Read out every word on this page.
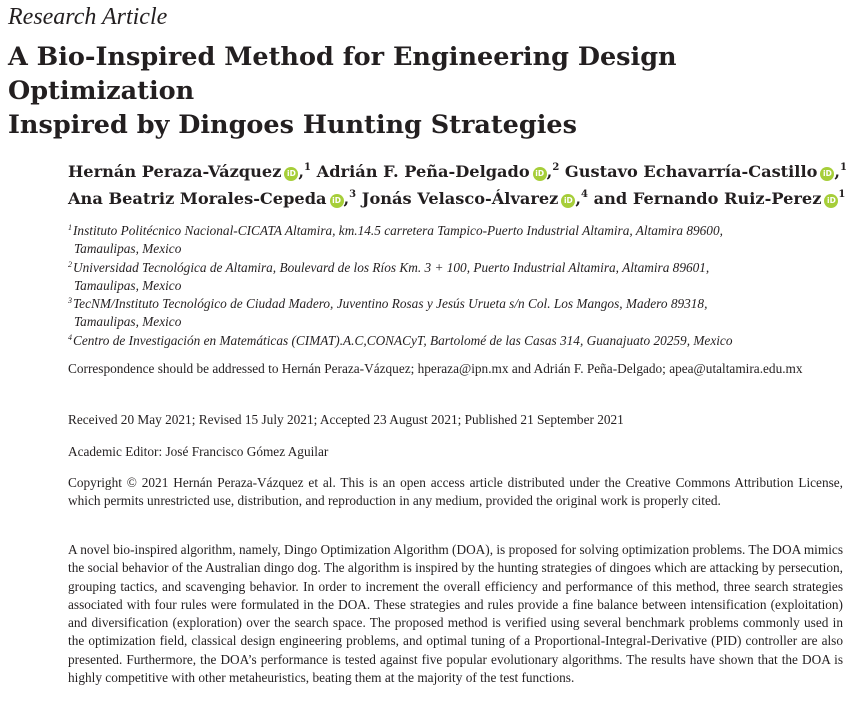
Research Article

A Bio-Inspired Method for Engineering Design Optimization
Inspired by Dingoes Hunting Strategies

Hernán Peraza-Vázquez iD ,$^1$ Adrián F. Peña-Delgado iD ,$^2$ Gustavo Echavarría-Castillo iD ,$^1$
Ana Beatriz Morales-Cepeda iD ,$^3$ Jonás Velasco-Álvarez iD ,$^4$ and Fernando Ruiz-Perez $iD^1$

$^1$Instituto Politécnico Nacional-CICATA Altamira, km.14.5 carretera Tampico-Puerto Industrial Altamira, Altamira 89600,
Tamaulipas, Mexico

$^2$Universidad Tecnológica de Altamira, Boulevard de los Ríos Km. 3 + 100, Puerto Industrial Altamira, Altamira 89601,
Tamaulipas, Mexico

$^3$TecNM/Instituto Tecnológico de Ciudad Madero, Juventino Rosas y Jesús Urueta s/n Col. Los Mangos, Madero 89318,
Tamaulipas, Mexico

$^4$Centro de Investigación en Matemáticas (CIMAT).A.C,CONACyT, Bartolomé de las Casas 314, Guanajuato 20259, Mexico

Correspondence should be addressed to Hernán Peraza-Vázquez; hperaza@ipn.mx and Adrián F. Peña-Delgado; apea@utaltamira.edu.mx

Received 20 May 2021; Revised 15 July 2021; Accepted 23 August 2021; Published 21 September 2021

Academic Editor: José Francisco Gómez Aguilar

Copyright © 2021 Hernán Peraza-Vázquez et al. This is an open access article distributed under the Creative Commons Attribution License, which permits unrestricted use, distribution, and reproduction in any medium, provided the original work is properly cited.

A novel bio-inspired algorithm, namely, Dingo Optimization Algorithm (DOA), is proposed for solving optimization problems. The DOA mimics the social behavior of the Australian dingo dog. The algorithm is inspired by the hunting strategies of dingoes which are attacking by persecution, grouping tactics, and scavenging behavior. In order to increment the overall efficiency and performance of this method, three search strategies associated with four rules were formulated in the DOA. These strategies and rules provide a fine balance between intensification (exploitation) and diversification (exploration) over the search space. The proposed method is verified using several benchmark problems commonly used in the optimization field, classical design engineering problems, and optimal tuning of a Proportional-Integral-Derivative (PID) controller are also presented. Furthermore, the DOA’s performance is tested against five popular evolutionary algorithms. The results have shown that the DOA is highly competitive with other metaheuristics, beating them at the majority of the test functions.
